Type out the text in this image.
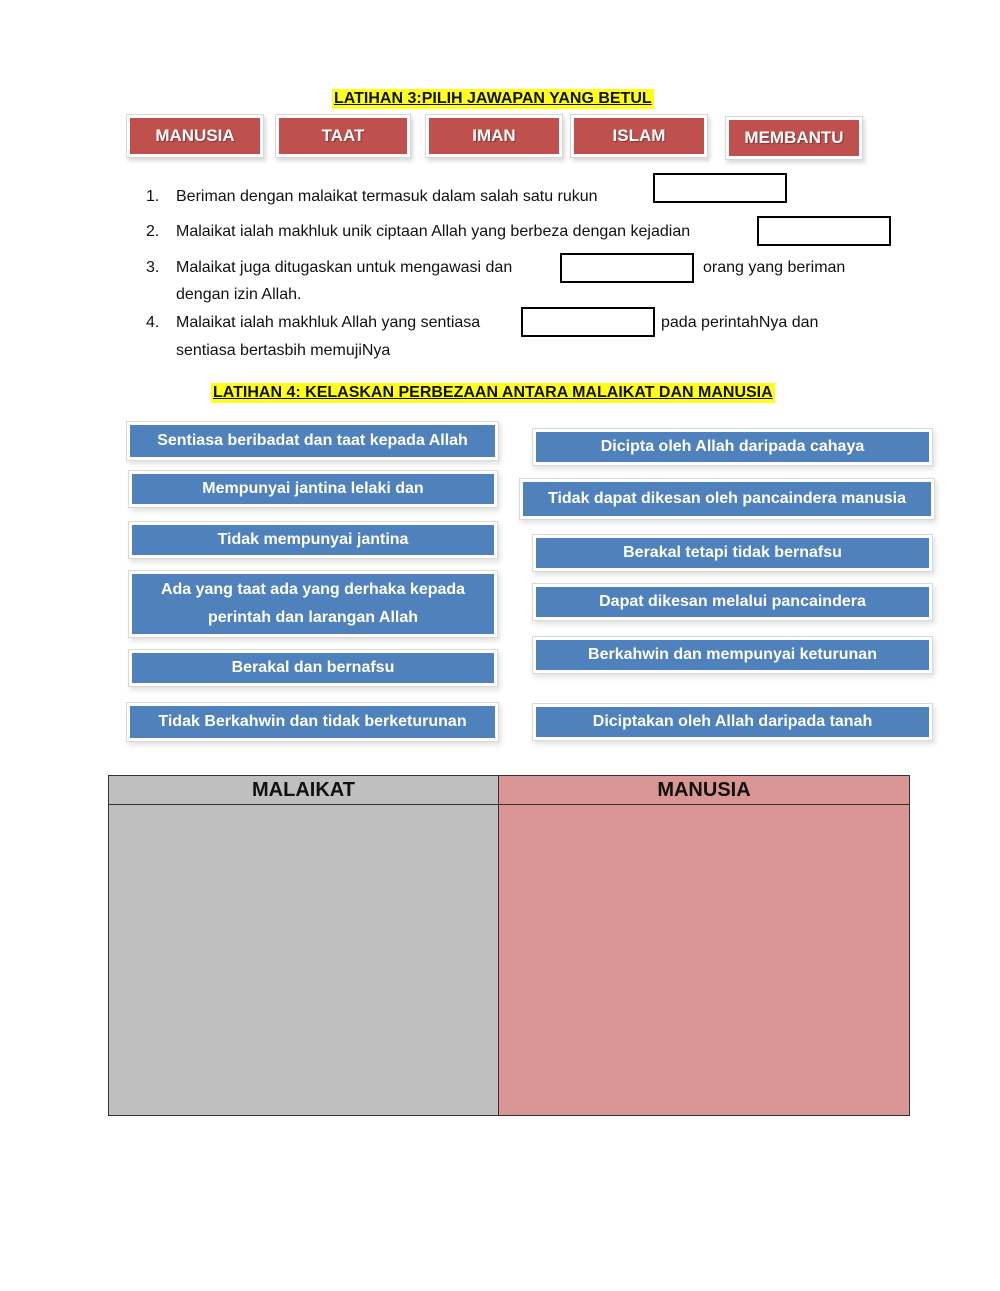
LATIHAN 3:PILIH JAWAPAN YANG BETUL
MANUSIA	TAAT	IMAN	ISLAM	MEMBANTU
1. Beriman dengan malaikat termasuk dalam salah satu rukun
2. Malaikat ialah makhluk unik ciptaan Allah yang berbeza dengan kejadian
3. Malaikat juga ditugaskan untuk mengawasi dan	orang yang beriman
dengan izin Allah.
4. Malaikat ialah makhluk Allah yang sentiasa	pada perintahNya dan
sentiasa bertasbih memujiNya
LATIHAN 4: KELASKAN PERBEZAAN ANTARA MALAIKAT DAN MANUSIA
Sentiasa beribadat dan taat kepada Allah
Mempunyai jantina lelaki dan
Tidak mempunyai jantina
Ada yang taat ada yang derhaka kepada perintah dan larangan Allah
Berakal dan bernafsu
Tidak Berkahwin dan tidak berketurunan
Dicipta oleh Allah daripada cahaya
Tidak dapat dikesan oleh pancaindera manusia
Berakal tetapi tidak bernafsu
Dapat dikesan melalui pancaindera
Berkahwin dan mempunyai keturunan
Diciptakan oleh Allah daripada tanah
MALAIKAT	MANUSIA
